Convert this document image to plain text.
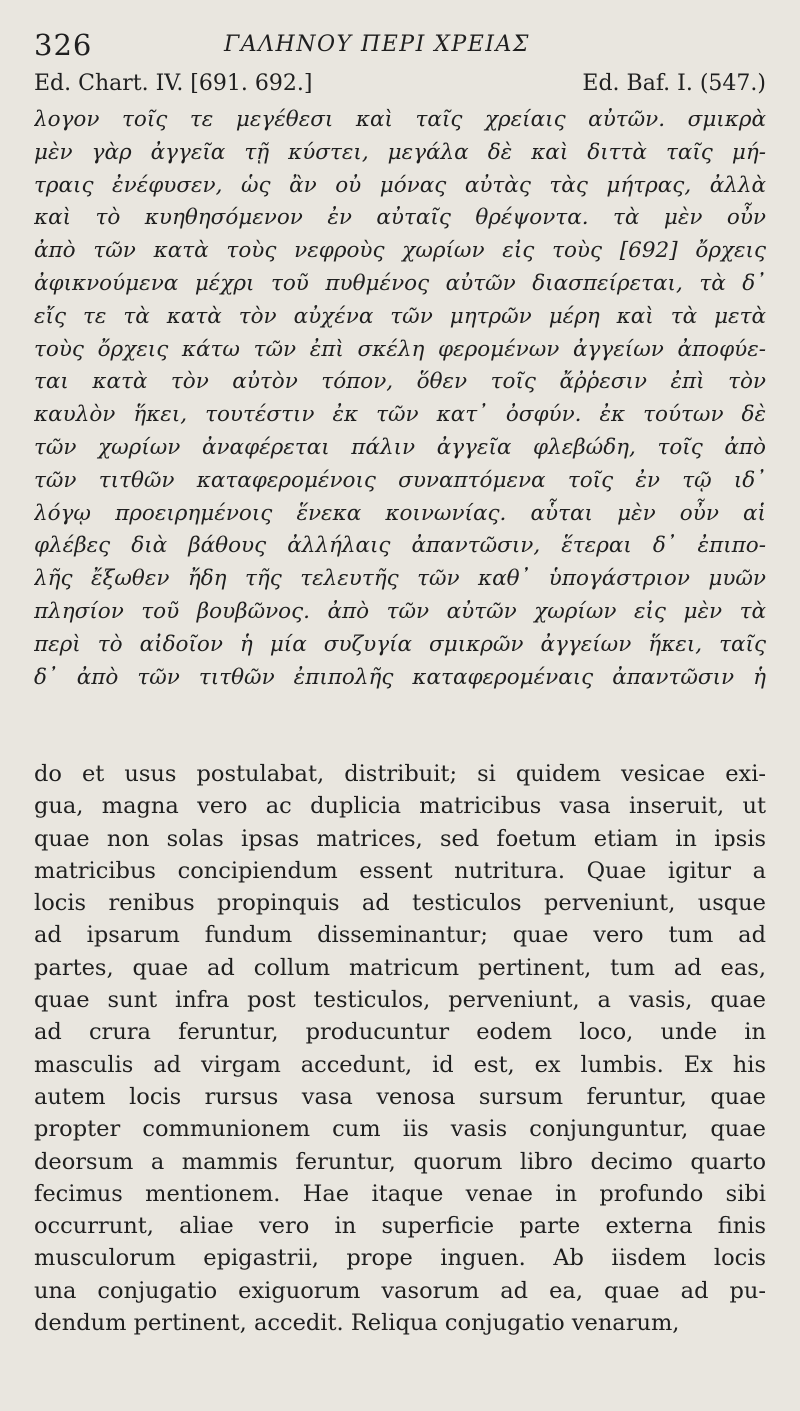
326	ΓΑΛΗΝΟΥ ΠΕΡΙ ΧΡΕΙΑΣ
Ed. Chart. IV. [691. 692.]	Ed. Baf. I. (547.)
λογον τοῖς τε μεγέθεσι καὶ ταῖς χρείαις αὐτῶν. σμικρὰ
μὲν γὰρ ἀγγεῖα τῇ κύστει, μεγάλα δὲ καὶ διττὰ ταῖς μή-
τραις ἐνέφυσεν, ὡς ἂν οὐ μόνας αὐτὰς τὰς μήτρας, ἀλλὰ
καὶ τὸ κυηθησόμενον ἐν αὐταῖς θρέψοντα. τὰ μὲν οὖν
ἀπὸ τῶν κατὰ τοὺς νεφροὺς χωρίων εἰς τοὺς [692] ὄρχεις
ἀφικνούμενα μέχρι τοῦ πυθμένος αὐτῶν διασπείρεται, τὰ δ᾽
εἴς τε τὰ κατὰ τὸν αὐχένα τῶν μητρῶν μέρη καὶ τὰ μετὰ
τοὺς ὄρχεις κάτω τῶν ἐπὶ σκέλη φερομένων ἀγγείων ἀποφύε-
ται κατὰ τὸν αὐτὸν τόπον, ὅθεν τοῖς ἄῤῥεσιν ἐπὶ τὸν
καυλὸν ἥκει, τουτέστιν ἐκ τῶν κατ᾽ ὀσφύν. ἐκ τούτων δὲ
τῶν χωρίων ἀναφέρεται πάλιν ἀγγεῖα φλεβώδη, τοῖς ἀπὸ
τῶν τιτθῶν καταφερομένοις συναπτόμενα τοῖς ἐν τῷ ιδ᾽
λόγῳ προειρημένοις ἕνεκα κοινωνίας. αὗται μὲν οὖν αἱ
φλέβες διὰ βάθους ἀλλήλαις ἀπαντῶσιν, ἕτεραι δ᾽ ἐπιπο-
λῆς ἔξωθεν ἤδη τῆς τελευτῆς τῶν καθ᾽ ὑπογάστριον μυῶν
πλησίον τοῦ βουβῶνος. ἀπὸ τῶν αὐτῶν χωρίων εἰς μὲν τὰ
περὶ τὸ αἰδοῖον ἡ μία συζυγία σμικρῶν ἀγγείων ἥκει, ταῖς
δ᾽ ἀπὸ τῶν τιτθῶν ἐπιπολῆς καταφερομέναις ἀπαντῶσιν ἡ
do et usus postulabat, distribuit; si quidem vesicae exi-
gua, magna vero ac duplicia matricibus vasa inseruit, ut
quae non solas ipsas matrices, sed foetum etiam in ipsis
matricibus concipiendum essent nutritura. Quae igitur a
locis renibus propinquis ad testiculos perveniunt, usque
ad ipsarum fundum disseminantur; quae vero tum ad
partes, quae ad collum matricum pertinent, tum ad eas,
quae sunt infra post testiculos, perveniunt, a vasis, quae
ad crura feruntur, producuntur eodem loco, unde in
masculis ad virgam accedunt, id est, ex lumbis. Ex his
autem locis rursus vasa venosa sursum feruntur, quae
propter communionem cum iis vasis conjunguntur, quae
deorsum a mammis feruntur, quorum libro decimo quarto
fecimus mentionem. Hae itaque venae in profundo sibi
occurrunt, aliae vero in superficie parte externa finis
musculorum epigastrii, prope inguen. Ab iisdem locis
una conjugatio exiguorum vasorum ad ea, quae ad pu-
dendum pertinent, accedit. Reliqua conjugatio venarum,
